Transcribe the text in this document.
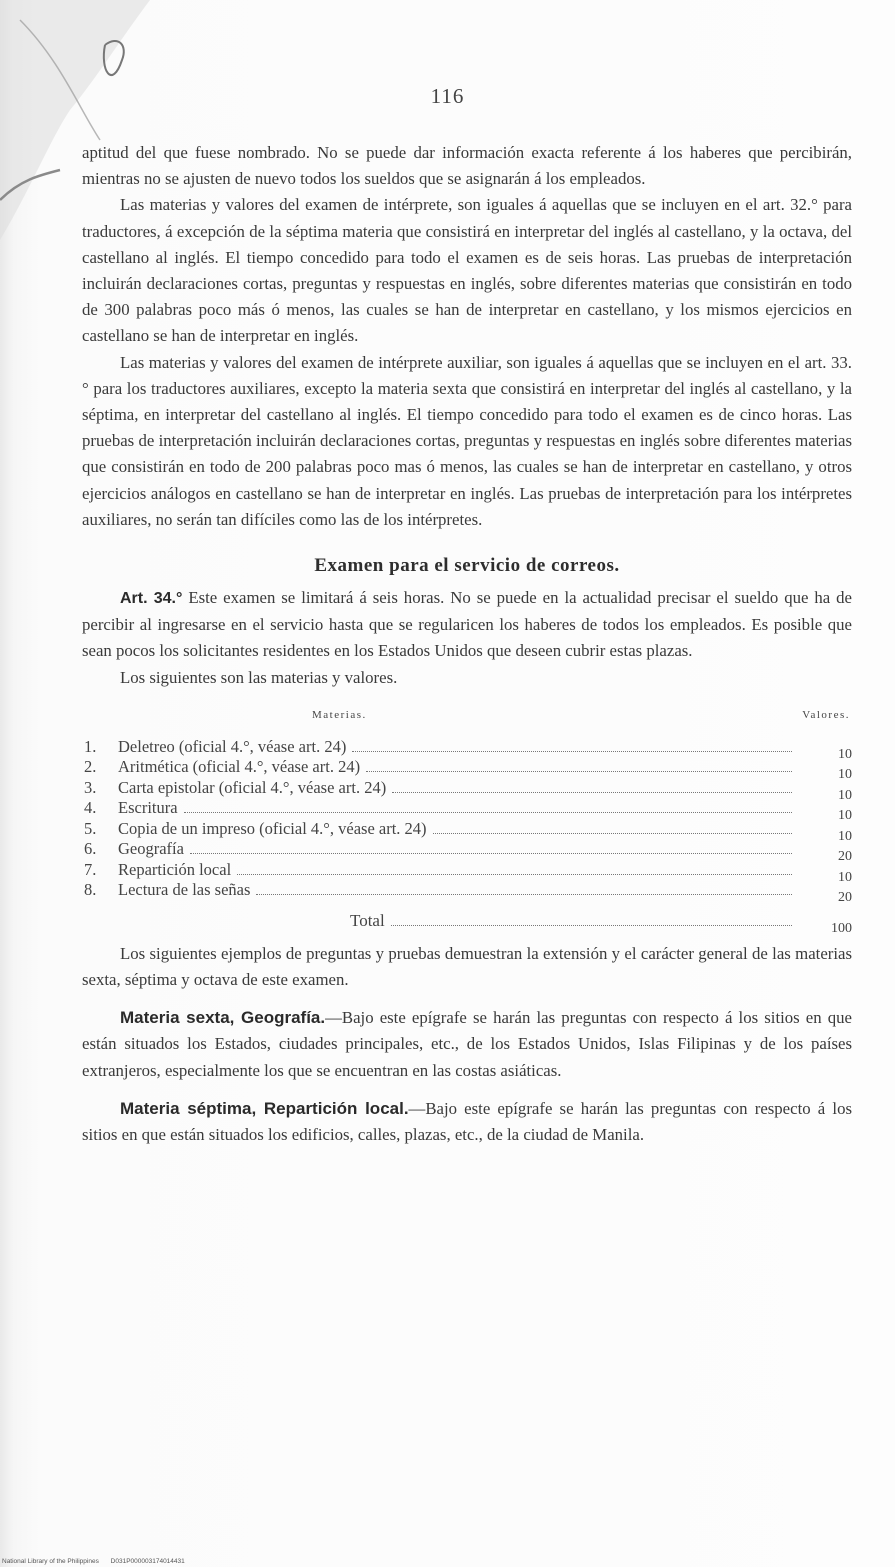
116

aptitud del que fuese nombrado. No se puede dar información exacta referente á los haberes que percibirán, mientras no se ajusten de nuevo todos los sueldos que se asignarán á los empleados.

Las materias y valores del examen de intérprete, son iguales á aquellas que se incluyen en el art. 32.° para traductores, á excepción de la séptima materia que consistirá en interpretar del inglés al castellano, y la octava, del castellano al inglés. El tiempo concedido para todo el examen es de seis horas. Las pruebas de interpretación incluirán declaraciones cortas, preguntas y respuestas en inglés, sobre diferentes materias que consistirán en todo de 300 palabras poco más ó menos, las cuales se han de interpretar en castellano, y los mismos ejercicios en castellano se han de interpretar en inglés.

Las materias y valores del examen de intérprete auxiliar, son iguales á aquellas que se incluyen en el art. 33.° para los traductores auxiliares, excepto la materia sexta que consistirá en interpretar del inglés al castellano, y la séptima, en interpretar del castellano al inglés. El tiempo concedido para todo el examen es de cinco horas. Las pruebas de interpretación incluirán declaraciones cortas, preguntas y respuestas en inglés sobre diferentes materias que consistirán en todo de 200 palabras poco mas ó menos, las cuales se han de interpretar en castellano, y otros ejercicios análogos en castellano se han de interpretar en inglés. Las pruebas de interpretación para los intérpretes auxiliares, no serán tan difíciles como las de los intérpretes.

Examen para el servicio de correos.

Art. 34.° Este examen se limitará á seis horas. No se puede en la actualidad precisar el sueldo que ha de percibir al ingresarse en el servicio hasta que se regularicen los haberes de todos los empleados. Es posible que sean pocos los solicitantes residentes en los Estados Unidos que deseen cubrir estas plazas.

Los siguientes son las materias y valores.

Materias.	Valores.
1.	Deletreo (oficial 4.°, véase art. 24)	10
2.	Aritmética (oficial 4.°, véase art. 24)	10
3.	Carta epistolar (oficial 4.°, véase art. 24)	10
4.	Escritura	10
5.	Copia de un impreso (oficial 4.°, véase art. 24)	10
6.	Geografía	20
7.	Repartición local	10
8.	Lectura de las señas	20
Total	100

Los siguientes ejemplos de preguntas y pruebas demuestran la extensión y el carácter general de las materias sexta, séptima y octava de este examen.

Materia sexta, Geografía.—Bajo este epígrafe se harán las preguntas con respecto á los sitios en que están situados los Estados, ciudades principales, etc., de los Estados Unidos, Islas Filipinas y de los países extranjeros, especialmente los que se encuentran en las costas asiáticas.

Materia séptima, Repartición local.—Bajo este epígrafe se harán las preguntas con respecto á los sitios en que están situados los edificios, calles, plazas, etc., de la ciudad de Manila.

National Library of the Philippines D031P000003174014431
